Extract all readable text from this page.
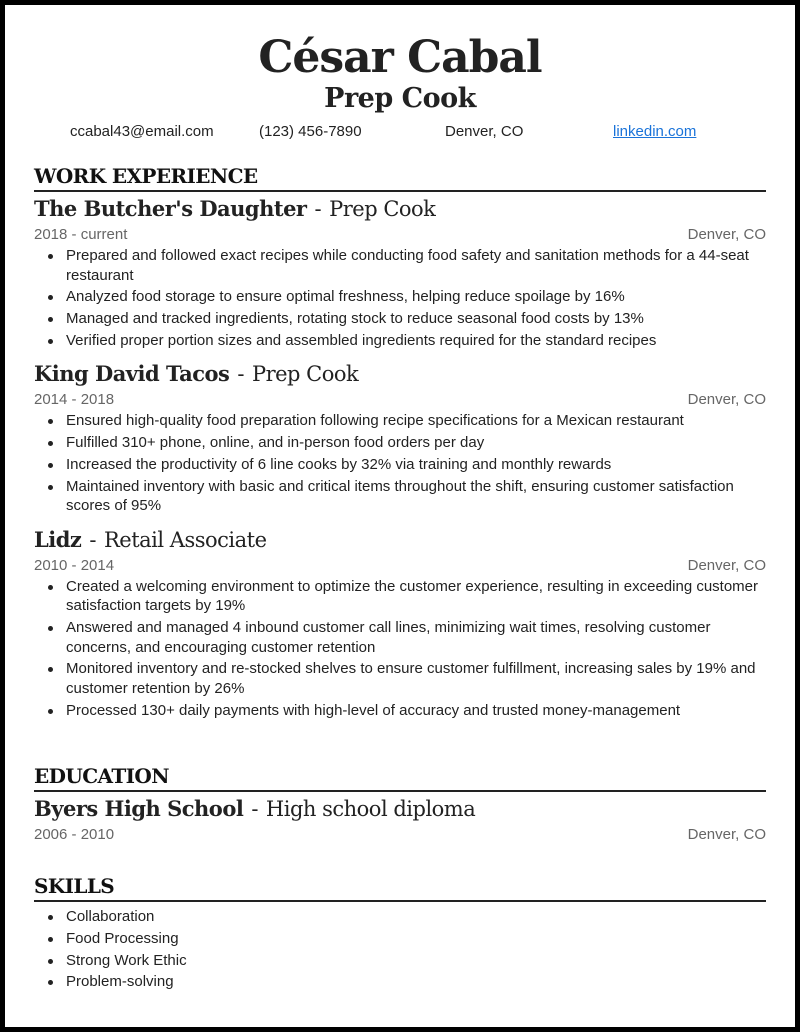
César Cabal
Prep Cook
ccabal43@email.com	(123) 456-7890	Denver, CO	linkedin.com
WORK EXPERIENCE
The Butcher's Daughter - Prep Cook
2018 - current	Denver, CO
Prepared and followed exact recipes while conducting food safety and sanitation methods for a 44-seat restaurant
Analyzed food storage to ensure optimal freshness, helping reduce spoilage by 16%
Managed and tracked ingredients, rotating stock to reduce seasonal food costs by 13%
Verified proper portion sizes and assembled ingredients required for the standard recipes
King David Tacos - Prep Cook
2014 - 2018	Denver, CO
Ensured high-quality food preparation following recipe specifications for a Mexican restaurant
Fulfilled 310+ phone, online, and in-person food orders per day
Increased the productivity of 6 line cooks by 32% via training and monthly rewards
Maintained inventory with basic and critical items throughout the shift, ensuring customer satisfaction scores of 95%
Lidz - Retail Associate
2010 - 2014	Denver, CO
Created a welcoming environment to optimize the customer experience, resulting in exceeding customer satisfaction targets by 19%
Answered and managed 4 inbound customer call lines, minimizing wait times, resolving customer concerns, and encouraging customer retention
Monitored inventory and re-stocked shelves to ensure customer fulfillment, increasing sales by 19% and customer retention by 26%
Processed 130+ daily payments with high-level of accuracy and trusted money-management
EDUCATION
Byers High School - High school diploma
2006 - 2010	Denver, CO
SKILLS
Collaboration
Food Processing
Strong Work Ethic
Problem-solving
